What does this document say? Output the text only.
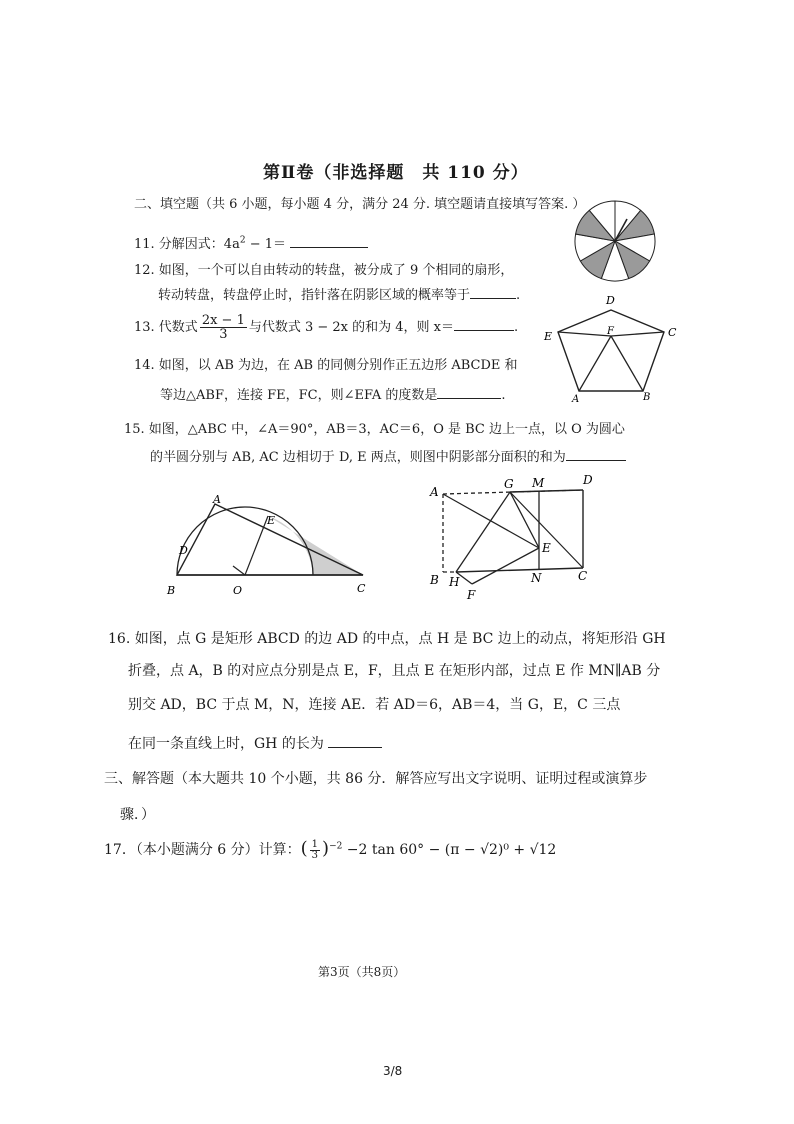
第Ⅱ卷（非选择题　共 110 分）
二、填空题（共 6 小题，每小题 4 分，满分 24 分. 填空题请直接填写答案. ）
11. 分解因式：$4a^2 - 1=$
12. 如图，一个可以自由转动的转盘，被分成了 9 个相同的扇形，
转动转盘，转盘停止时，指针落在阴影区域的概率等于	.
13. 代数式 $\frac{2x - 1}{3}$ 与代数式 3 − 2x 的和为 4，则 x＝	.
14. 如图，以 AB 为边，在 AB 的同侧分别作正五边形 ABCDE 和
等边△ABF，连接 FE，FC，则∠EFA 的度数是	.
15. 如图，△ABC 中，∠A＝90°，AB＝3，AC＝6，O 是 BC 边上一点，以 O 为圆心
的半圆分别与 AB, AC 边相切于 D, E 两点，则图中阴影部分面积的和为
D
C
E	F
A	B
A
D
E
B	O	C
A
G M	D
E
B H	N	C
F
16. 如图，点 G 是矩形 ABCD 的边 AD 的中点，点 H 是 BC 边上的动点，将矩形沿 GH
折叠，点 A，B 的对应点分别是点 E，F，且点 E 在矩形内部，过点 E 作 MN∥AB 分
别交 AD，BC 于点 M，N，连接 AE．若 AD＝6，AB＝4，当 G，E，C 三点
在同一条直线上时，GH 的长为
三、解答题（本大题共 10 个小题，共 86 分．解答应写出文字说明、证明过程或演算步
骤．）
17．（本小题满分 6 分）计算：( $\frac{1}{3} )^{-2} -2$ tan 60° − (π − √2)⁰ + √12
第3页（共8页）
3/8
